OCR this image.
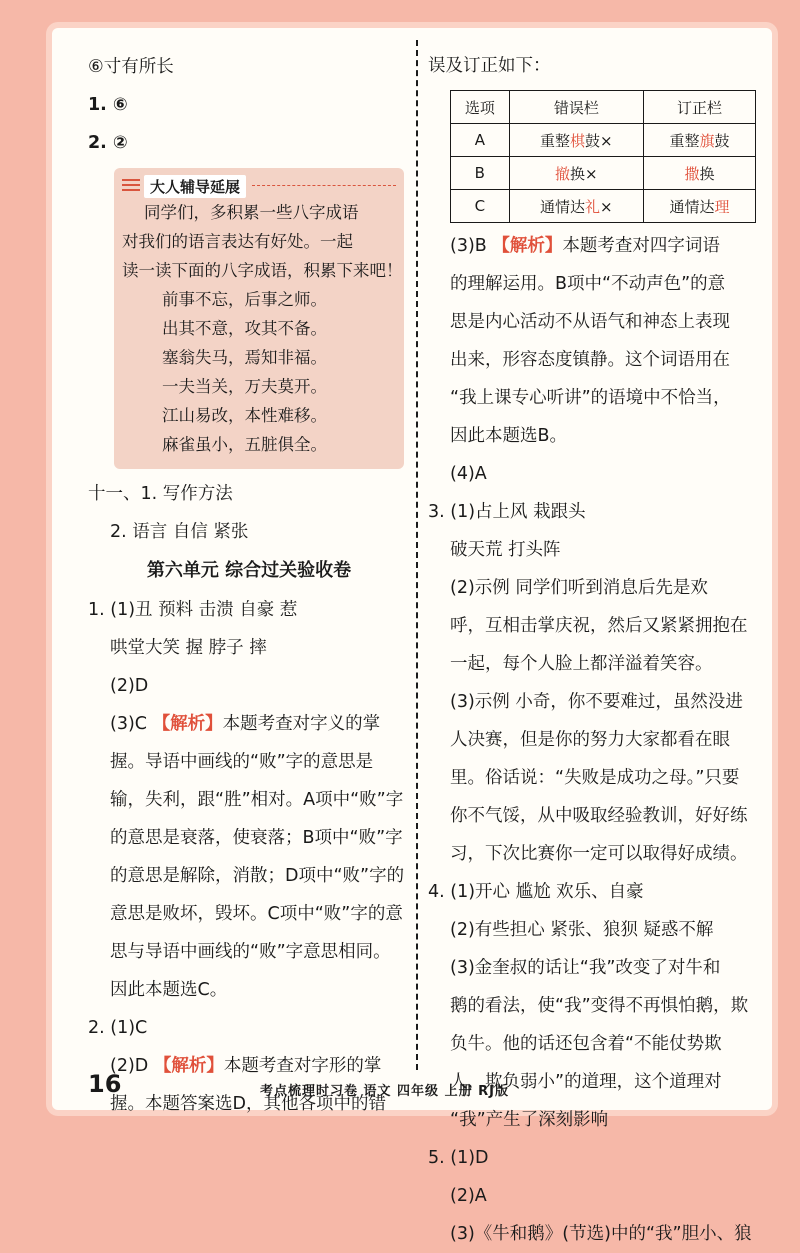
⑥寸有所长
1. ⑥
2. ②
大人辅导延展
同学们，多积累一些八字成语
对我们的语言表达有好处。一起
读一读下面的八字成语，积累下来吧！
前事不忘，后事之师。
出其不意，攻其不备。
塞翁失马，焉知非福。
一夫当关，万夫莫开。
江山易改，本性难移。
麻雀虽小，五脏俱全。
十一、1. 写作方法
2. 语言 自信 紧张
第六单元 综合过关验收卷
1. (1)丑 预料 击溃 自豪 惹
哄堂大笑 握 脖子 摔
(2)D
(3)C 【解析】本题考查对字义的掌
握。导语中画线的“败”字的意思是
输，失利，跟“胜”相对。A项中“败”字
的意思是衰落，使衰落；B项中“败”字
的意思是解除，消散；D项中“败”字的
意思是败坏，毁坏。C项中“败”字的意
思与导语中画线的“败”字意思相同。
因此本题选C。
2. (1)C
(2)D 【解析】本题考查对字形的掌
握。本题答案选D，其他各项中的错
误及订正如下：
选项	错误栏	订正栏
A	重整棋鼓×	重整旗鼓
B	撤换×	撒换
C	通情达礼×	通情达理
(3)B 【解析】本题考查对四字词语
的理解运用。B项中“不动声色”的意
思是内心活动不从语气和神态上表现
出来，形容态度镇静。这个词语用在
“我上课专心听讲”的语境中不恰当，
因此本题选B。
(4)A
3. (1)占上风 栽跟头
破天荒 打头阵
(2)示例 同学们听到消息后先是欢
呼，互相击掌庆祝，然后又紧紧拥抱在
一起，每个人脸上都洋溢着笑容。
(3)示例 小奇，你不要难过，虽然没进
人决赛，但是你的努力大家都看在眼
里。俗话说：“失败是成功之母。”只要
你不气馁，从中吸取经验教训，好好练
习，下次比赛你一定可以取得好成绩。
4. (1)开心 尴尬 欢乐、自豪
(2)有些担心 紧张、狼狈 疑惑不解
(3)金奎叔的话让“我”改变了对牛和
鹅的看法，使“我”变得不再惧怕鹅，欺
负牛。他的话还包含着“不能仗势欺
人，欺负弱小”的道理，这个道理对
“我”产生了深刻影响
5. (1)D
(2)A
(3)《牛和鹅》(节选)中的“我”胆小、狼
16	考点梳理时习卷 语文 四年级 上册 RJ版
